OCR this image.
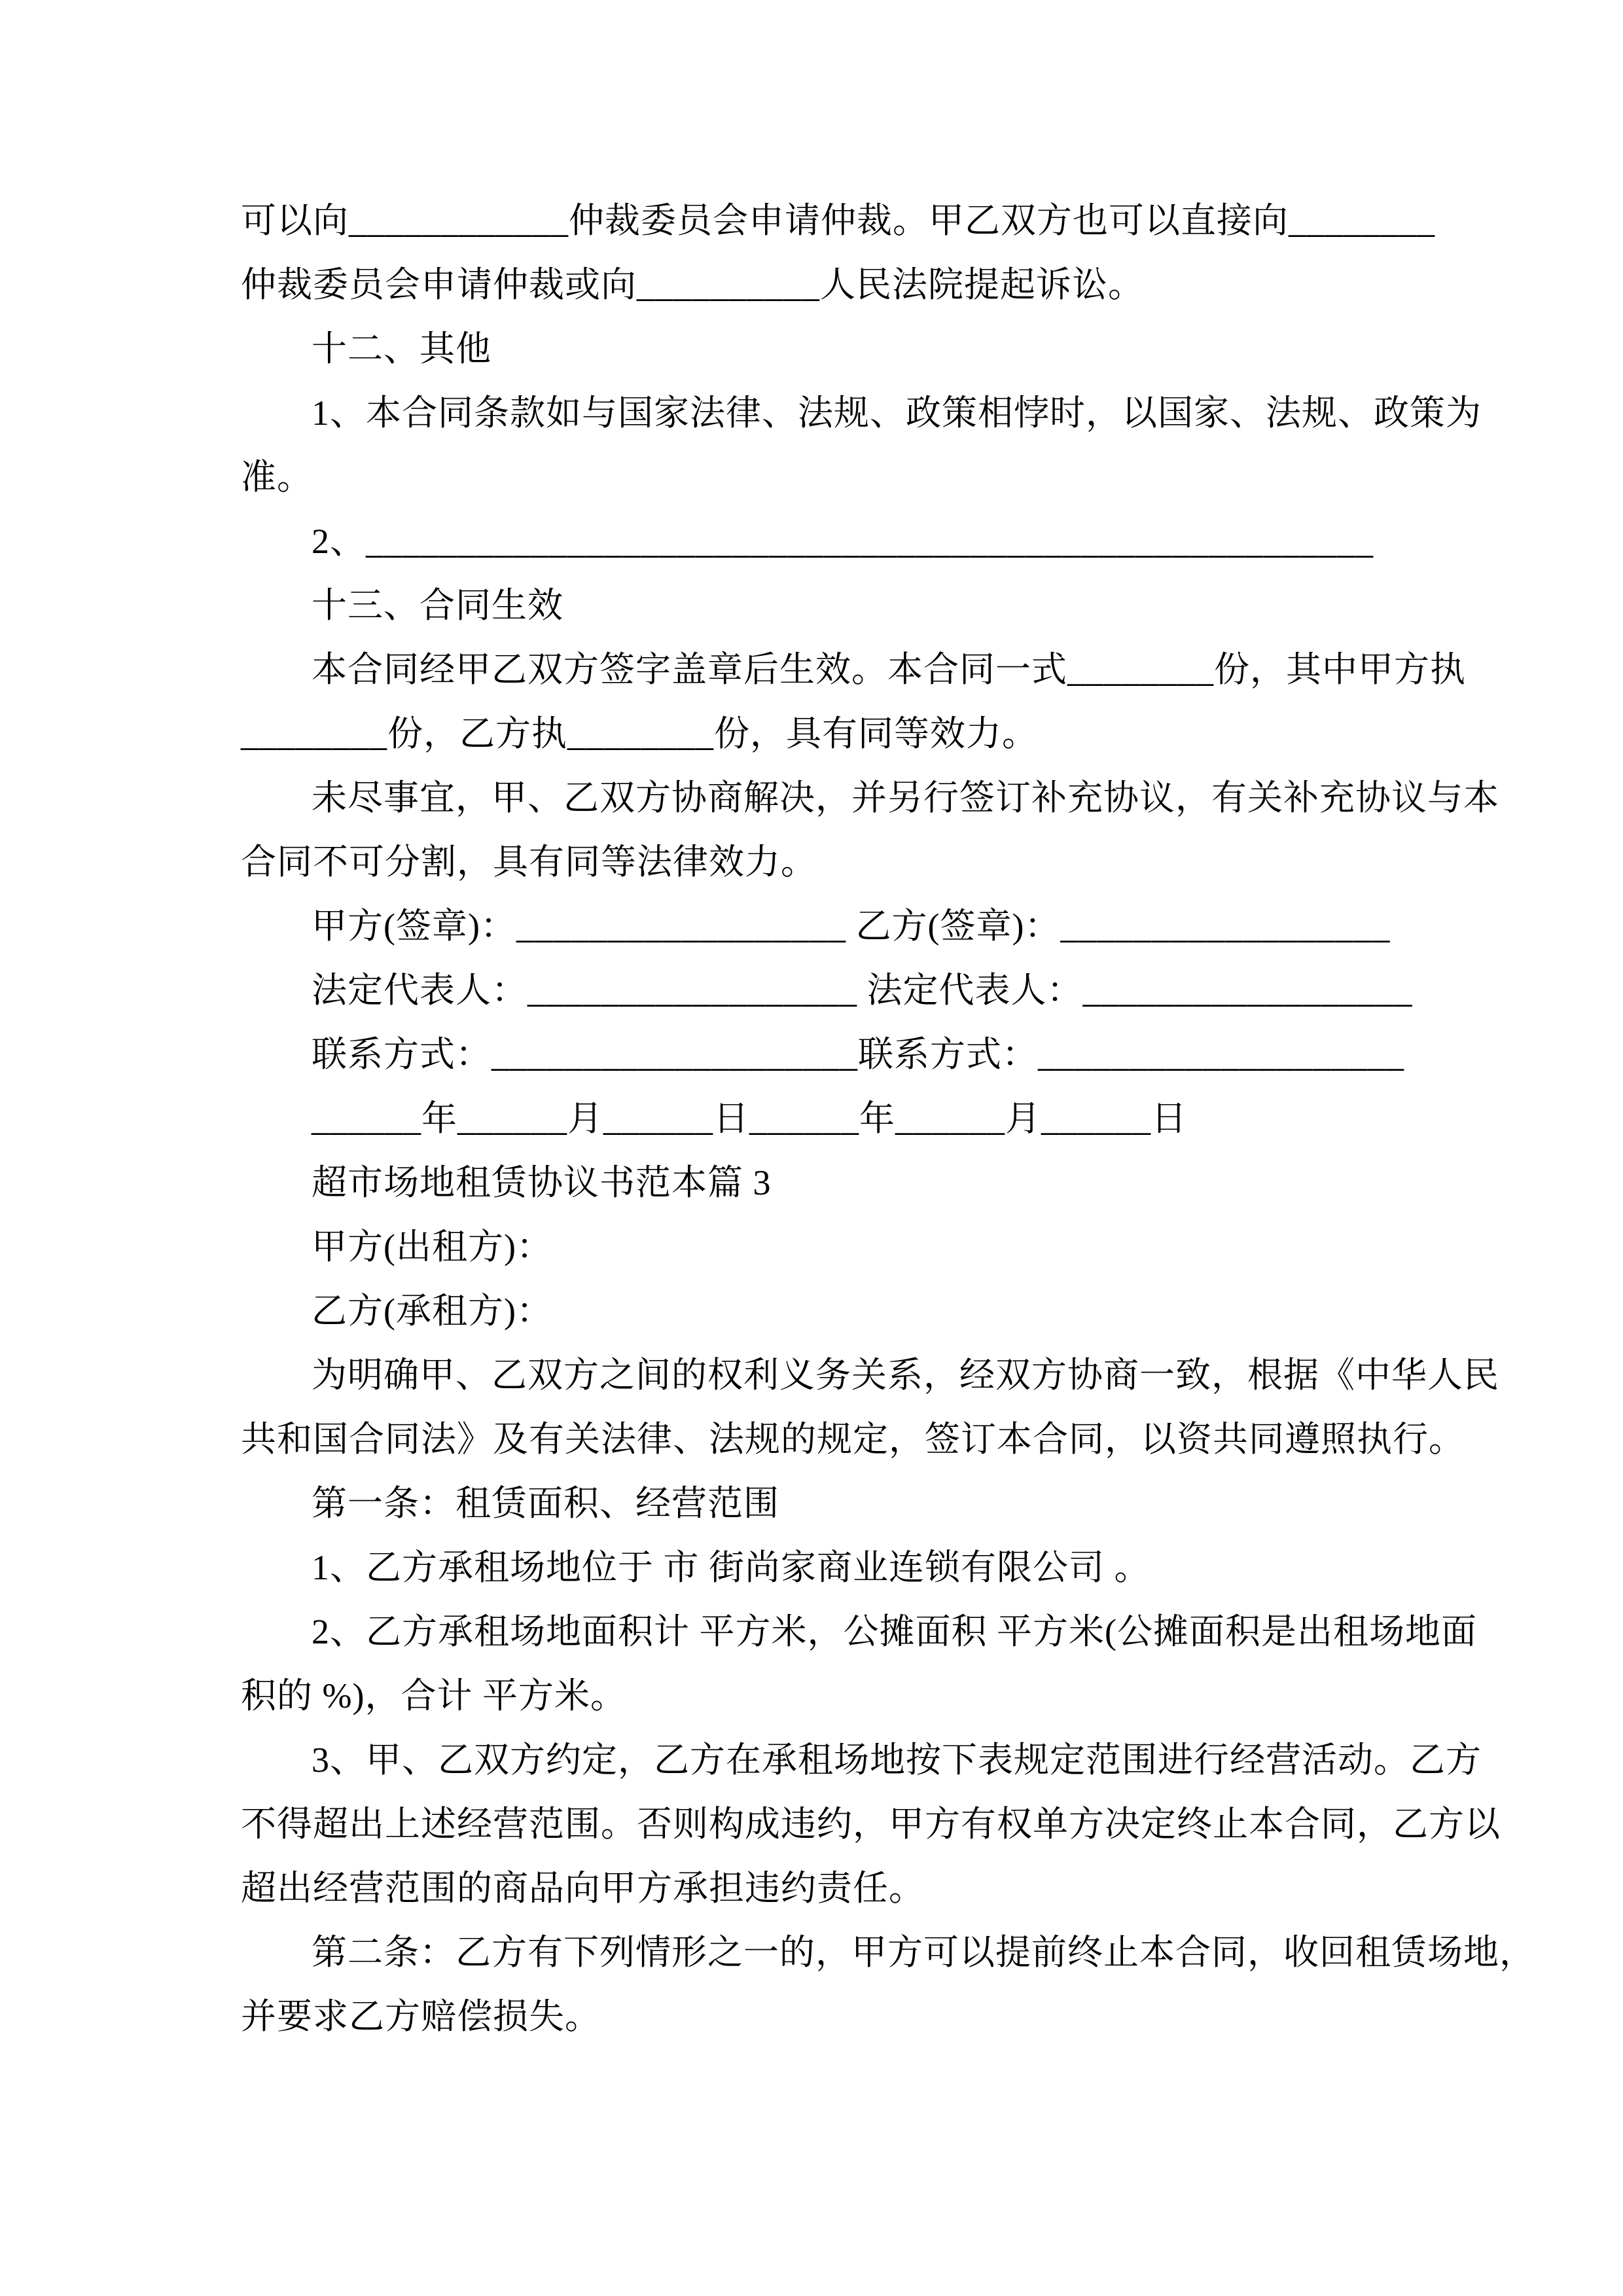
可以向____________仲裁委员会申请仲裁。甲乙双方也可以直接向________
仲裁委员会申请仲裁或向__________人民法院提起诉讼。
十二、其他
1、本合同条款如与国家法律、法规、政策相悖时，以国家、法规、政策为
准。
2、_______________________________________________________
十三、合同生效
本合同经甲乙双方签字盖章后生效。本合同一式________份，其中甲方执
________份，乙方执________份，具有同等效力。
未尽事宜，甲、乙双方协商解决，并另行签订补充协议，有关补充协议与本
合同不可分割，具有同等法律效力。
甲方(签章)：__________________ 乙方(签章)：__________________
法定代表人：__________________ 法定代表人：__________________
联系方式：____________________联系方式：____________________
______年______月______日______年______月______日
超市场地租赁协议书范本篇 3
甲方(出租方)：
乙方(承租方)：
为明确甲、乙双方之间的权利义务关系，经双方协商一致，根据《中华人民
共和国合同法》及有关法律、法规的规定，签订本合同，以资共同遵照执行。
第一条：租赁面积、经营范围
1、乙方承租场地位于 市 街尚家商业连锁有限公司 。
2、乙方承租场地面积计 平方米，公摊面积 平方米(公摊面积是出租场地面
积的 %)，合计 平方米。
3、甲、乙双方约定，乙方在承租场地按下表规定范围进行经营活动。乙方
不得超出上述经营范围。否则构成违约，甲方有权单方决定终止本合同，乙方以
超出经营范围的商品向甲方承担违约责任。
第二条：乙方有下列情形之一的，甲方可以提前终止本合同，收回租赁场地，
并要求乙方赔偿损失。
